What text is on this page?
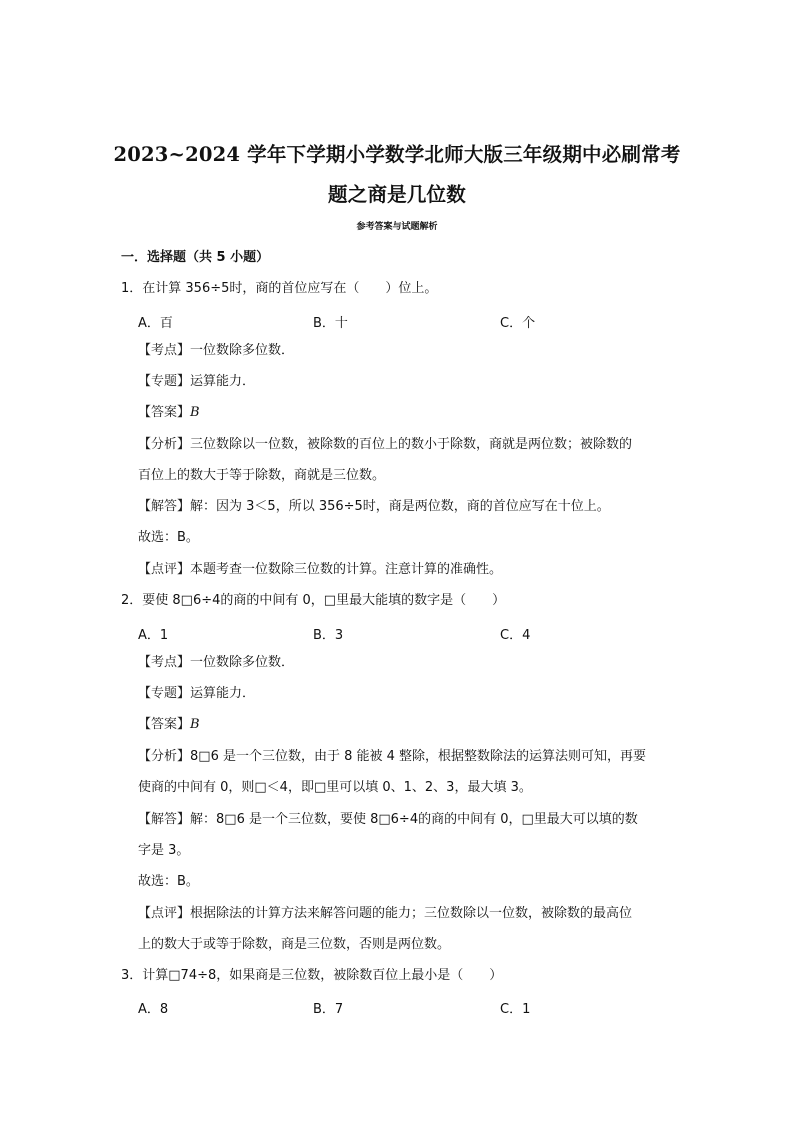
2023~2024 学年下学期小学数学北师大版三年级期中必刷常考
题之商是几位数
参考答案与试题解析
一．选择题（共 5 小题）
1．在计算 356÷5时，商的首位应写在（　　）位上。
A．百	B．十	C．个
【考点】一位数除多位数．
【专题】运算能力．
【答案】B
【分析】三位数除以一位数，被除数的百位上的数小于除数，商就是两位数；被除数的
百位上的数大于等于除数，商就是三位数。
【解答】解：因为 3＜5，所以 356÷5时，商是两位数，商的首位应写在十位上。
故选：B。
【点评】本题考查一位数除三位数的计算。注意计算的准确性。
2．要使 8□6÷4的商的中间有 0，□里最大能填的数字是（　　）
A．1	B．3	C．4
【考点】一位数除多位数．
【专题】运算能力．
【答案】B
【分析】8□6 是一个三位数，由于 8 能被 4 整除，根据整数除法的运算法则可知，再要
使商的中间有 0，则□＜4，即□里可以填 0、1、2、3，最大填 3。
【解答】解：8□6 是一个三位数，要使 8□6÷4的商的中间有 0，□里最大可以填的数
字是 3。
故选：B。
【点评】根据除法的计算方法来解答问题的能力；三位数除以一位数，被除数的最高位
上的数大于或等于除数，商是三位数，否则是两位数。
3．计算□74÷8，如果商是三位数，被除数百位上最小是（　　）
A．8	B．7	C．1
